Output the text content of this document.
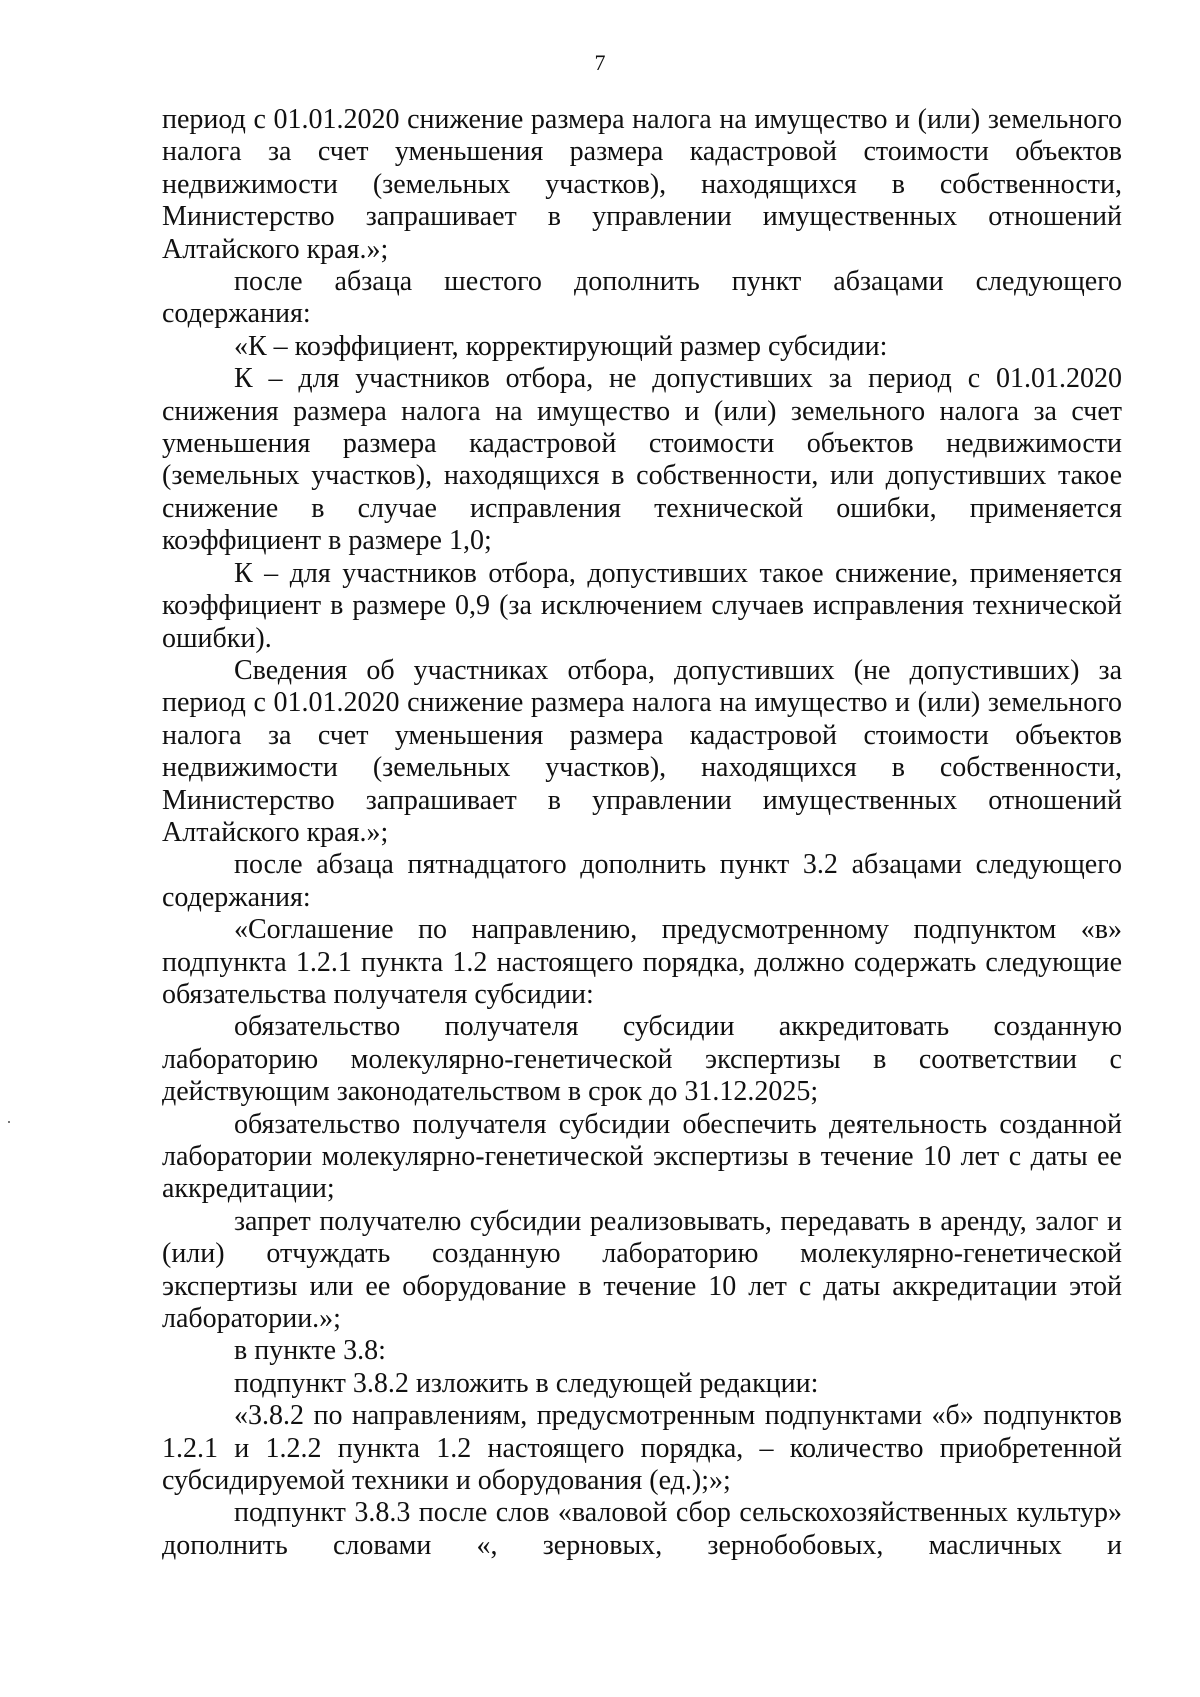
7

период с 01.01.2020 снижение размера налога на имущество и (или) земельного налога за счет уменьшения размера кадастровой стоимости объектов недвижимости (земельных участков), находящихся в собственности, Министерство запрашивает в управлении имущественных отношений Алтайского края.»;

после абзаца шестого дополнить пункт абзацами следующего содержания:

«К – коэффициент, корректирующий размер субсидии:

К – для участников отбора, не допустивших за период с 01.01.2020 снижения размера налога на имущество и (или) земельного налога за счет уменьшения размера кадастровой стоимости объектов недвижимости (земельных участков), находящихся в собственности, или допустивших такое снижение в случае исправления технической ошибки, применяется коэффициент в размере 1,0;

К – для участников отбора, допустивших такое снижение, применяется коэффициент в размере 0,9 (за исключением случаев исправления технической ошибки).

Сведения об участниках отбора, допустивших (не допустивших) за период с 01.01.2020 снижение размера налога на имущество и (или) земельного налога за счет уменьшения размера кадастровой стоимости объектов недвижимости (земельных участков), находящихся в собственности, Министерство запрашивает в управлении имущественных отношений Алтайского края.»;

после абзаца пятнадцатого дополнить пункт 3.2 абзацами следующего содержания:

«Соглашение по направлению, предусмотренному подпунктом «в» подпункта 1.2.1 пункта 1.2 настоящего порядка, должно содержать следующие обязательства получателя субсидии:

обязательство получателя субсидии аккредитовать созданную лабораторию молекулярно-генетической экспертизы в соответствии с действующим законодательством в срок до 31.12.2025;

обязательство получателя субсидии обеспечить деятельность созданной лаборатории молекулярно-генетической экспертизы в течение 10 лет с даты ее аккредитации;

запрет получателю субсидии реализовывать, передавать в аренду, залог и (или) отчуждать созданную лабораторию молекулярно-генетической экспертизы или ее оборудование в течение 10 лет с даты аккредитации этой лаборатории.»;

в пункте 3.8:

подпункт 3.8.2 изложить в следующей редакции:

«3.8.2 по направлениям, предусмотренным подпунктами «б» подпунктов 1.2.1 и 1.2.2 пункта 1.2 настоящего порядка, – количество приобретенной субсидируемой техники и оборудования (ед.);»;

подпункт 3.8.3 после слов «валовой сбор сельскохозяйственных культур» дополнить словами «, зерновых, зернобобовых, масличных и
